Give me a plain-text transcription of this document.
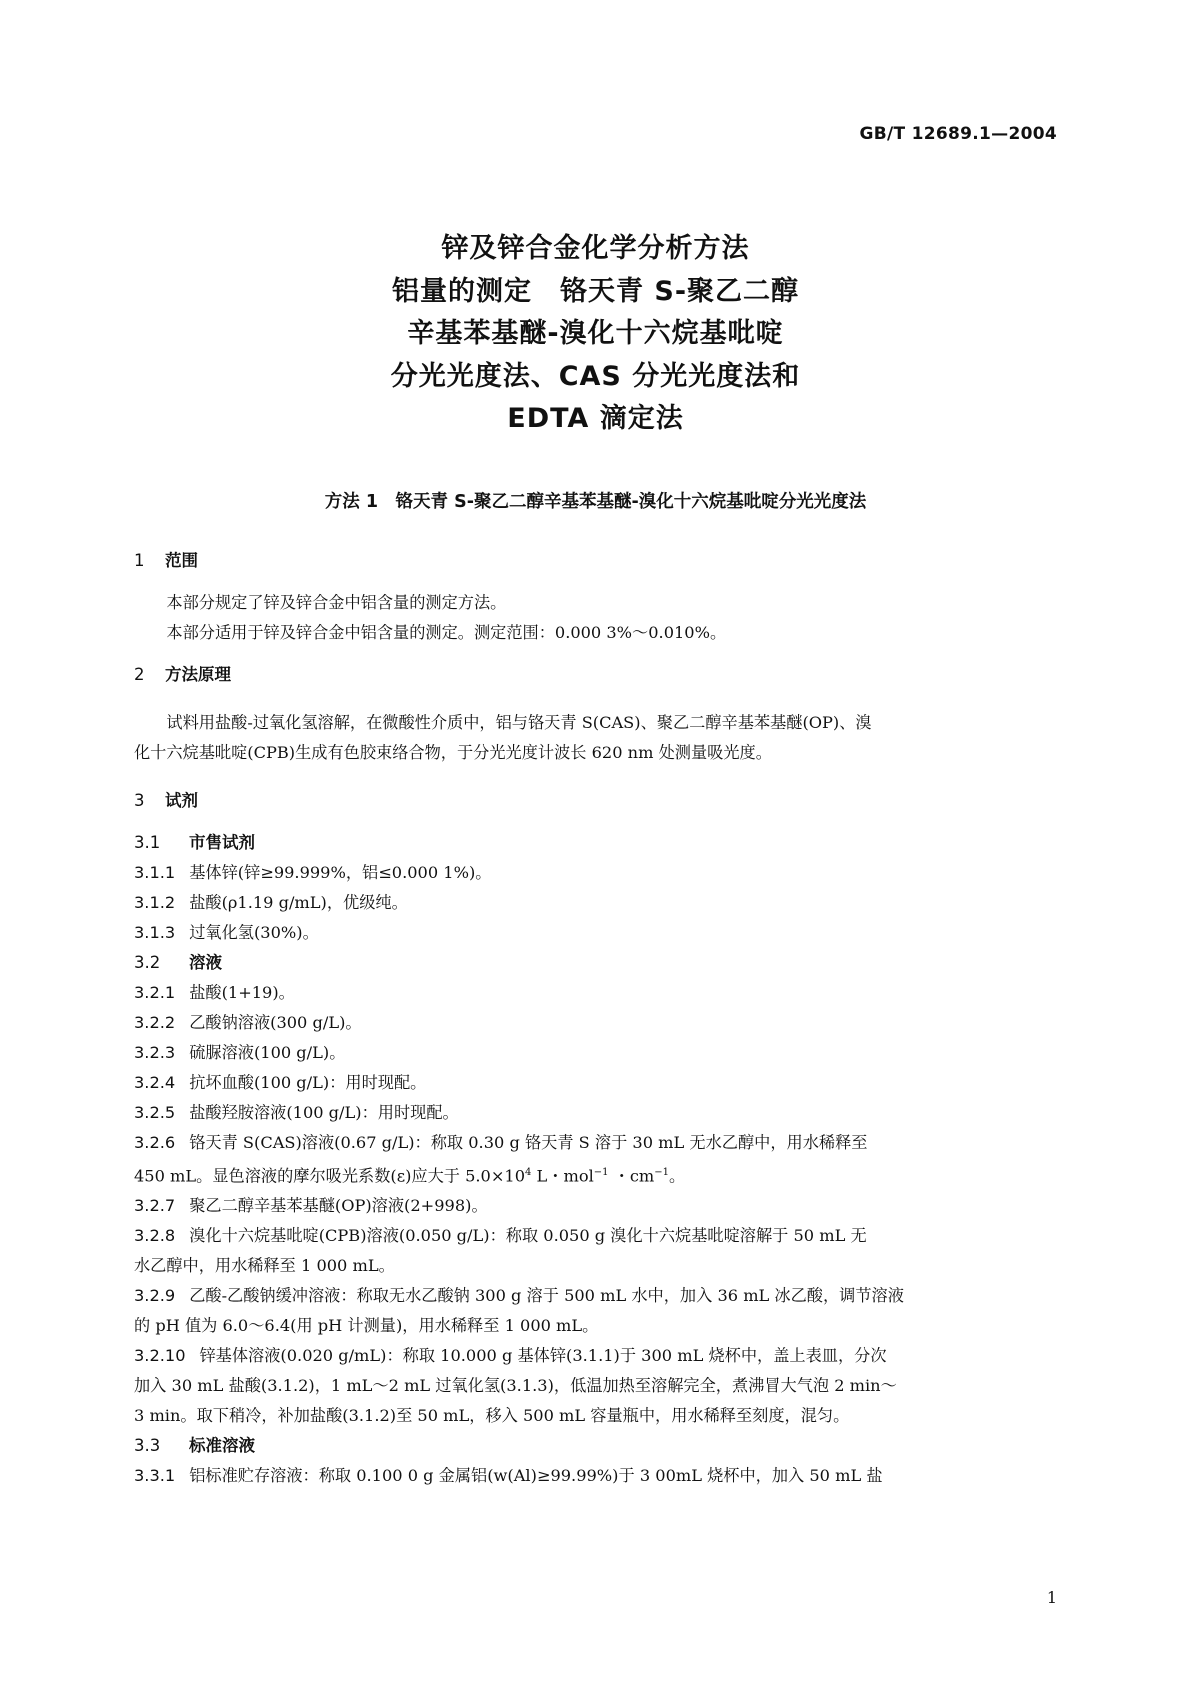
GB/T 12689.1—2004
锌及锌合金化学分析方法
铝量的测定　铬天青 S-聚乙二醇
辛基苯基醚-溴化十六烷基吡啶
分光光度法、CAS 分光光度法和
EDTA 滴定法
方法 1　铬天青 S-聚乙二醇辛基苯基醚-溴化十六烷基吡啶分光光度法
1 范围
本部分规定了锌及锌合金中铝含量的测定方法。
本部分适用于锌及锌合金中铝含量的测定。测定范围：0.000 3%～0.010%。
2 方法原理
试料用盐酸-过氧化氢溶解，在微酸性介质中，铝与铬天青 S(CAS)、聚乙二醇辛基苯基醚(OP)、溴
化十六烷基吡啶(CPB)生成有色胶束络合物，于分光光度计波长 620 nm 处测量吸光度。
3 试剂
3.1 市售试剂
3.1.1 基体锌(锌≥99.999%，铝≤0.000 1%)。
3.1.2 盐酸(ρ1.19 g/mL)，优级纯。
3.1.3 过氧化氢(30%)。
3.2 溶液
3.2.1 盐酸(1+19)。
3.2.2 乙酸钠溶液(300 g/L)。
3.2.3 硫脲溶液(100 g/L)。
3.2.4 抗坏血酸(100 g/L)：用时现配。
3.2.5 盐酸羟胺溶液(100 g/L)：用时现配。
3.2.6 铬天青 S(CAS)溶液(0.67 g/L)：称取 0.30 g 铬天青 S 溶于 30 mL 无水乙醇中，用水稀释至
450 mL。显色溶液的摩尔吸光系数(ε)应大于 $5.0\times 10^4$ L・mol$^{-1}$ ・$cm^{-1}$。
3.2.7 聚乙二醇辛基苯基醚(OP)溶液(2+998)。
3.2.8 溴化十六烷基吡啶(CPB)溶液(0.050 g/L)：称取 0.050 g 溴化十六烷基吡啶溶解于 50 mL 无
水乙醇中，用水稀释至 1 000 mL。
3.2.9 乙酸-乙酸钠缓冲溶液：称取无水乙酸钠 300 g 溶于 500 mL 水中，加入 36 mL 冰乙酸，调节溶液
的 pH 值为 6.0～6.4(用 pH 计测量)，用水稀释至 1 000 mL。
3.2.10 锌基体溶液(0.020 g/mL)：称取 10.000 g 基体锌(3.1.1)于 300 mL 烧杯中，盖上表皿，分次
加入 30 mL 盐酸(3.1.2)，1 mL～2 mL 过氧化氢(3.1.3)，低温加热至溶解完全，煮沸冒大气泡 2 min～
3 min。取下稍冷，补加盐酸(3.1.2)至 50 mL，移入 500 mL 容量瓶中，用水稀释至刻度，混匀。
3.3 标准溶液
3.3.1 铝标准贮存溶液：称取 0.100 0 g 金属铝(w(Al)≥99.99%)于 3 00mL 烧杯中，加入 50 mL 盐
1
